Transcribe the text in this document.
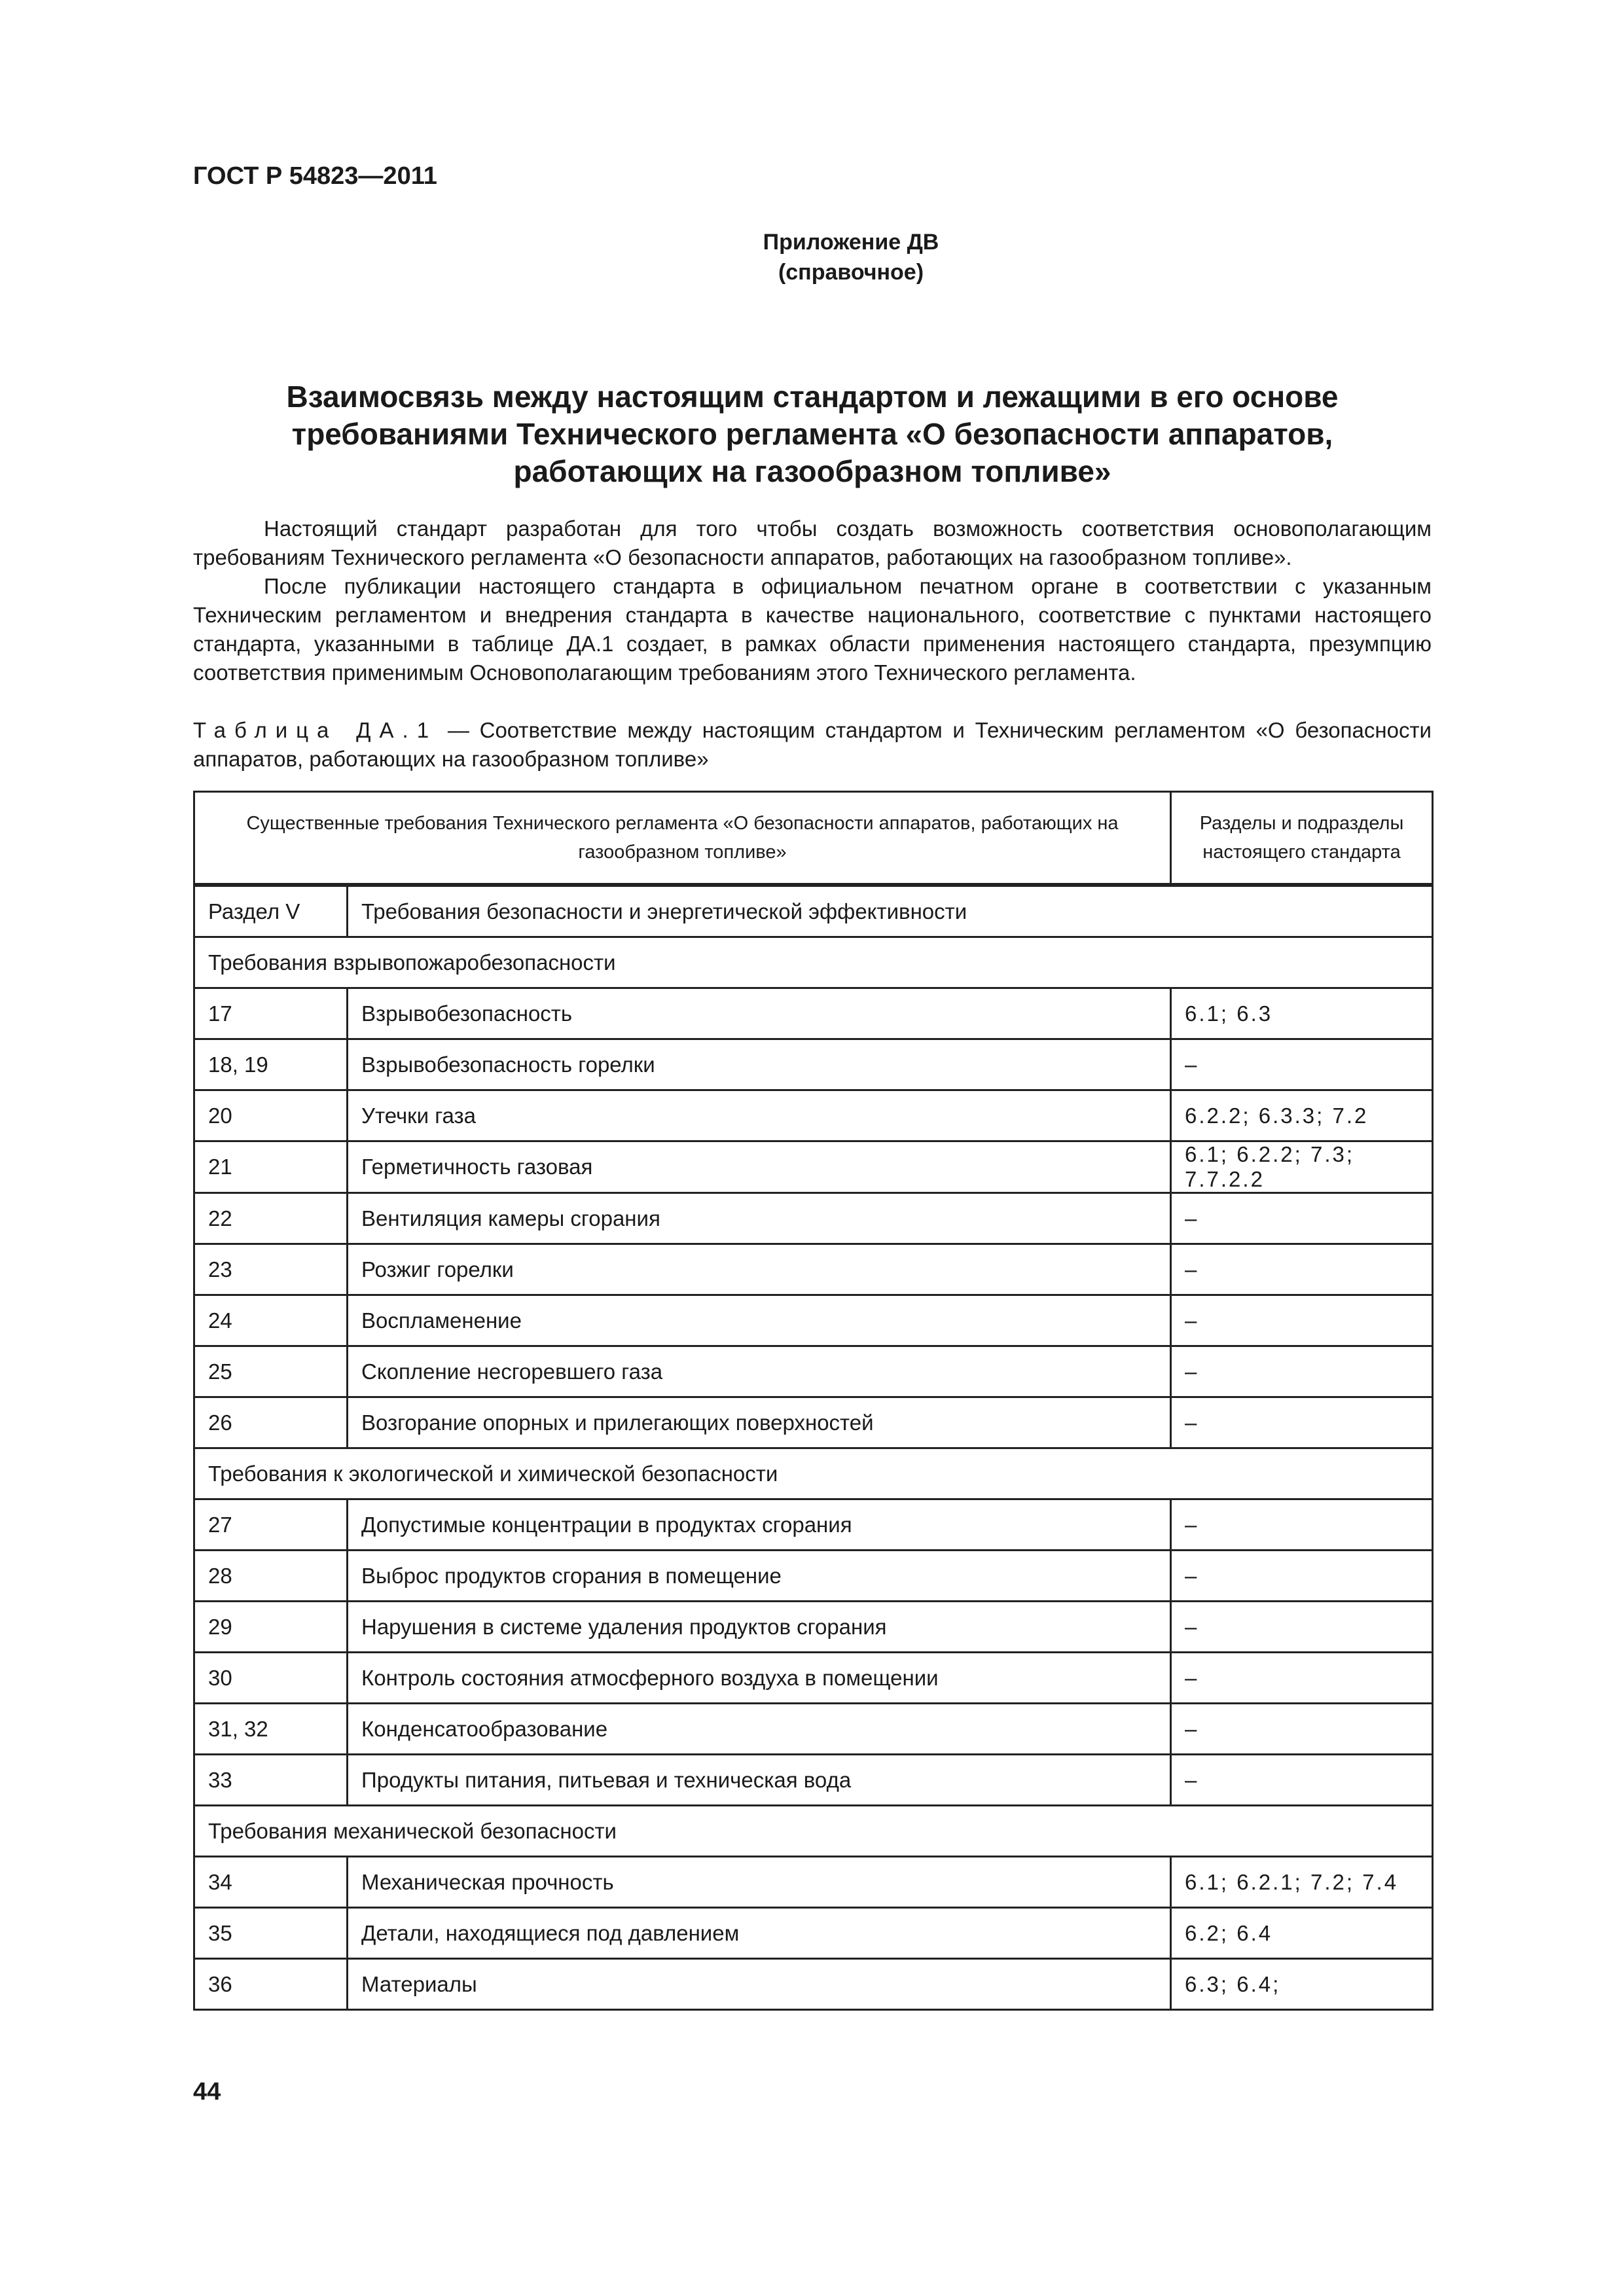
ГОСТ Р 54823—2011
Приложение ДВ
(справочное)
Взаимосвязь между настоящим стандартом и лежащими в его основе требованиями Технического регламента «О безопасности аппаратов, работающих на газообразном топливе»

Настоящий стандарт разработан для того чтобы создать возможность соответствия основополагающим требованиям Технического регламента «О безопасности аппаратов, работающих на газообразном топливе».

После публикации настоящего стандарта в официальном печатном органе в соответствии с указанным Техническим регламентом и внедрения стандарта в качестве национального, соответствие с пунктами настоящего стандарта, указанными в таблице ДА.1 создает, в рамках области применения настоящего стандарта, презумпцию соответствия применимым Основополагающим требованиям этого Технического регламента.

Таблица ДА.1 — Соответствие между настоящим стандартом и Техническим регламентом «О безопасности аппаратов, работающих на газообразном топливе»
Существенные требования Технического регламента «О безопасности аппаратов, работающих на газообразном топливе»		Разделы и подразделы настоящего стандарта
Раздел V	Требования безопасности и энергетической эффективности	
Требования взрывопожаробезопасности		
17	Взрывобезопасность	6.1; 6.3
18, 19	Взрывобезопасность горелки	–
20	Утечки газа	6.2.2; 6.3.3; 7.2
21	Герметичность газовая	6.1; 6.2.2; 7.3; 7.7.2.2
22	Вентиляция камеры сгорания	–
23	Розжиг горелки	–
24	Воспламенение	–
25	Скопление несгоревшего газа	–
26	Возгорание опорных и прилегающих поверхностей	–
Требования к экологической и химической безопасности		
27	Допустимые концентрации в продуктах сгорания	–
28	Выброс продуктов сгорания в помещение	–
29	Нарушения в системе удаления продуктов сгорания	–
30	Контроль состояния атмосферного воздуха в помещении	–
31, 32	Конденсатообразование	–
33	Продукты питания, питьевая и техническая вода	–
Требования механической безопасности		
34	Механическая прочность	6.1; 6.2.1; 7.2; 7.4
35	Детали, находящиеся под давлением	6.2; 6.4
36	Материалы	6.3; 6.4;
44
